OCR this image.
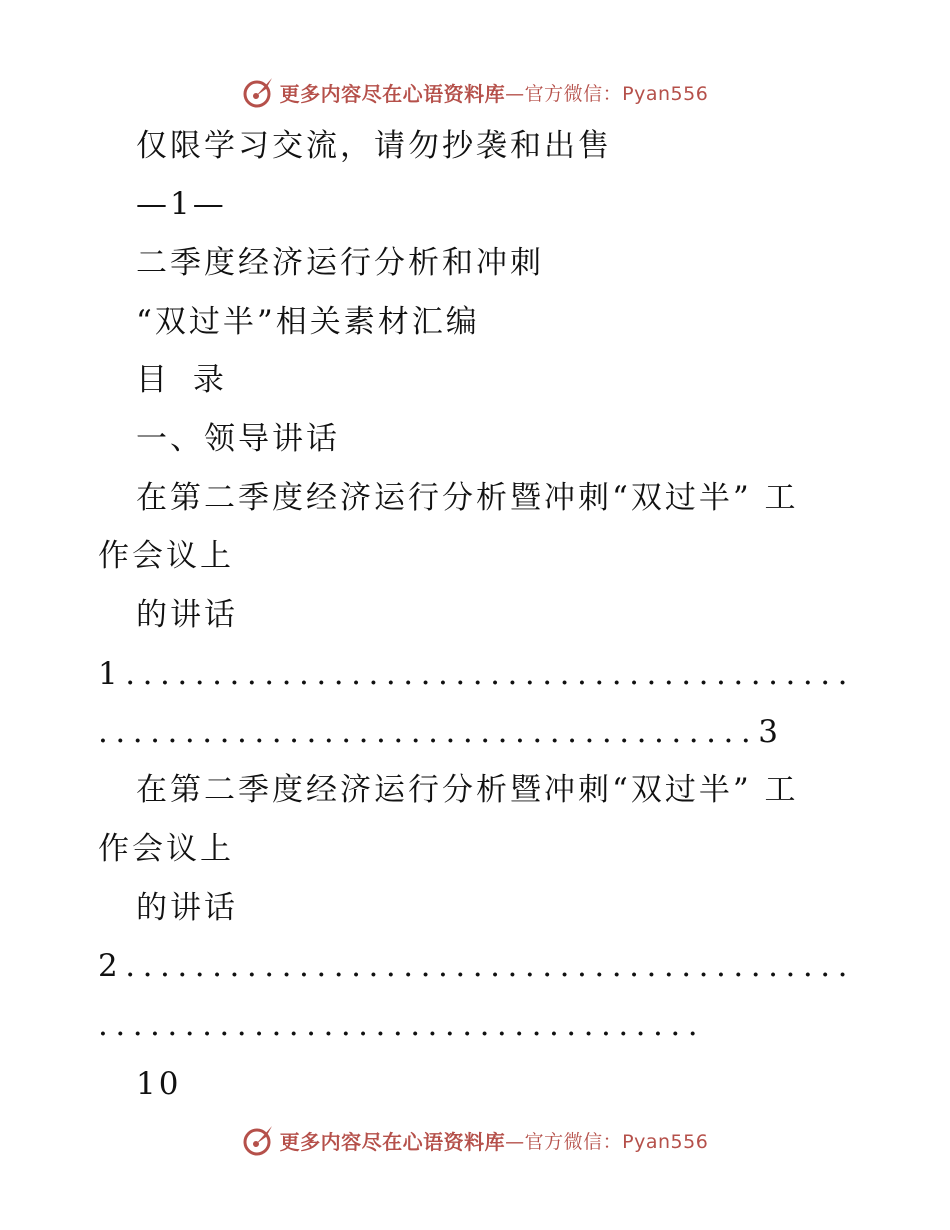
更多内容尽在心语资料库 —官方微信：Pyan556
仅限学习交流，请勿抄袭和出售
—1—
二季度经济运行分析和冲刺
“双过半”相关素材汇编
目 录
一、领导讲话
在第二季度经济运行分析暨冲刺“双过半” 工
作会议上
的讲话
1 . . . . . . . . . . . . . . . . . . . . . . . . . . . . . . . . . . . . . . . . . .
. . . . . . . . . . . . . . . . . . . . . . . . . . . . . . . . . . . . . . 3
在第二季度经济运行分析暨冲刺“双过半” 工
作会议上
的讲话
2 . . . . . . . . . . . . . . . . . . . . . . . . . . . . . . . . . . . . . . . . . .
. . . . . . . . . . . . . . . . . . . . . . . . . . . . . . . . . . .
10
更多内容尽在心语资料库 —官方微信：Pyan556
